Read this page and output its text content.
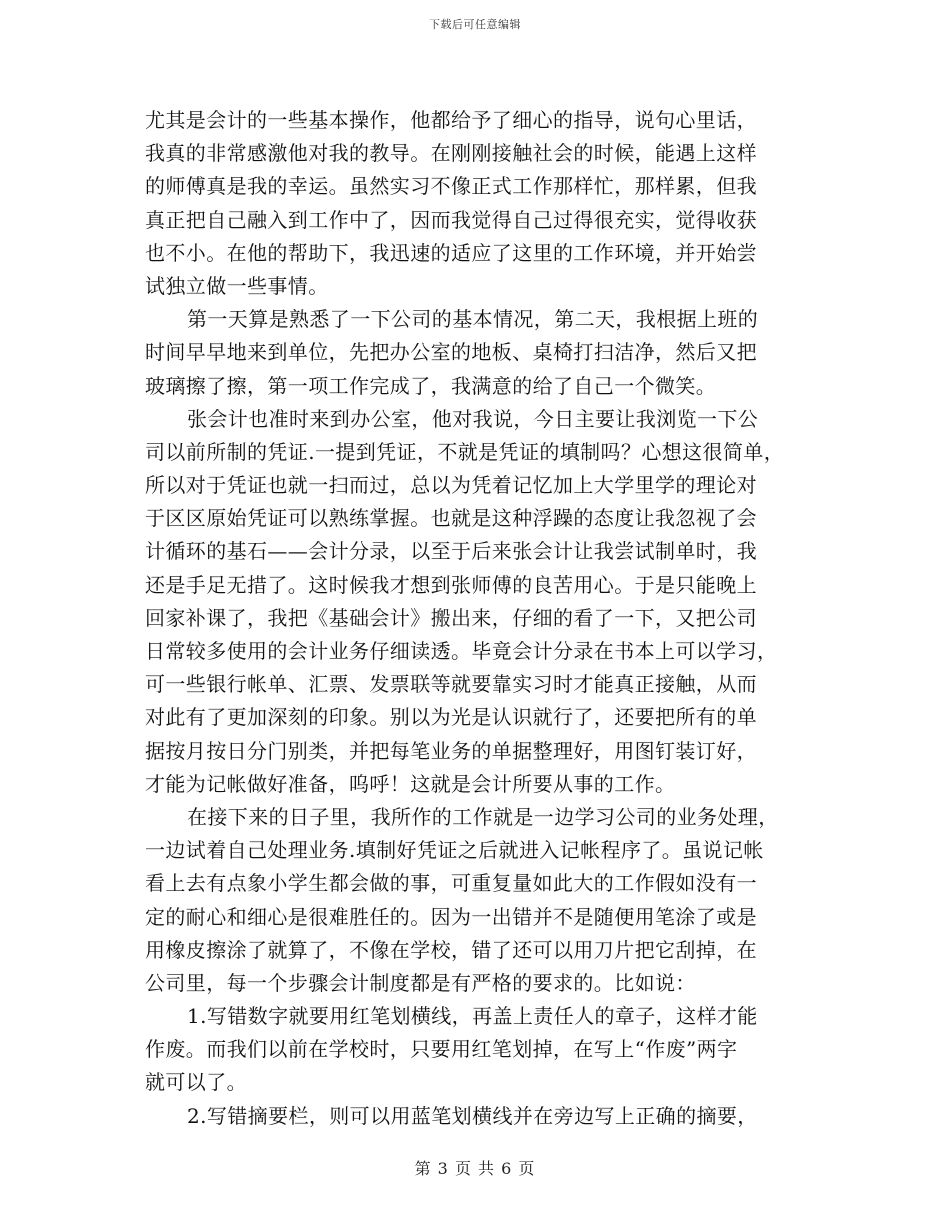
下载后可任意编辑
尤其是会计的一些基本操作，他都给予了细心的指导，说句心里话，
我真的非常感激他对我的教导。在刚刚接触社会的时候，能遇上这样
的师傅真是我的幸运。虽然实习不像正式工作那样忙，那样累，但我
真正把自己融入到工作中了，因而我觉得自己过得很充实，觉得收获
也不小。在他的帮助下，我迅速的适应了这里的工作环境，并开始尝
试独立做一些事情。
第一天算是熟悉了一下公司的基本情况，第二天，我根据上班的
时间早早地来到单位，先把办公室的地板、桌椅打扫洁净，然后又把
玻璃擦了擦，第一项工作完成了，我满意的给了自己一个微笑。
张会计也准时来到办公室，他对我说，今日主要让我浏览一下公
司以前所制的凭证.一提到凭证，不就是凭证的填制吗？心想这很简单，
所以对于凭证也就一扫而过，总以为凭着记忆加上大学里学的理论对
于区区原始凭证可以熟练掌握。也就是这种浮躁的态度让我忽视了会
计循环的基石——会计分录，以至于后来张会计让我尝试制单时，我
还是手足无措了。这时候我才想到张师傅的良苦用心。于是只能晚上
回家补课了，我把《基础会计》搬出来，仔细的看了一下，又把公司
日常较多使用的会计业务仔细读透。毕竟会计分录在书本上可以学习，
可一些银行帐单、汇票、发票联等就要靠实习时才能真正接触，从而
对此有了更加深刻的印象。别以为光是认识就行了，还要把所有的单
据按月按日分门别类，并把每笔业务的单据整理好，用图钉装订好，
才能为记帐做好准备，呜呼！这就是会计所要从事的工作。
在接下来的日子里，我所作的工作就是一边学习公司的业务处理，
一边试着自己处理业务.填制好凭证之后就进入记帐程序了。虽说记帐
看上去有点象小学生都会做的事，可重复量如此大的工作假如没有一
定的耐心和细心是很难胜任的。因为一出错并不是随便用笔涂了或是
用橡皮擦涂了就算了，不像在学校，错了还可以用刀片把它刮掉，在
公司里，每一个步骤会计制度都是有严格的要求的。比如说：
1.写错数字就要用红笔划横线，再盖上责任人的章子，这样才能
作废。而我们以前在学校时，只要用红笔划掉，在写上“作废”两字
就可以了。
2.写错摘要栏，则可以用蓝笔划横线并在旁边写上正确的摘要，
第 3 页 共 6 页
